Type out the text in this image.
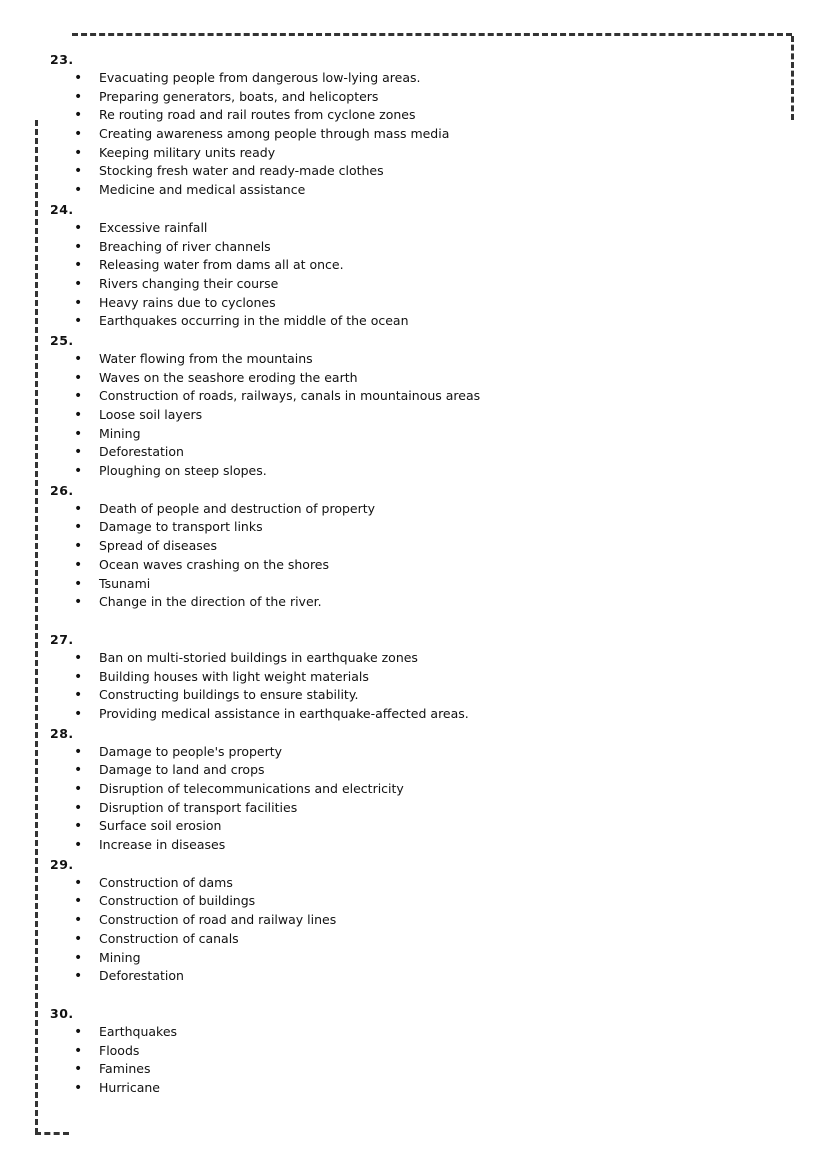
23.
• Evacuating people from dangerous low-lying areas.
• Preparing generators, boats, and helicopters
• Re routing road and rail routes from cyclone zones
• Creating awareness among people through mass media
• Keeping military units ready
• Stocking fresh water and ready-made clothes
• Medicine and medical assistance
24.
• Excessive rainfall
• Breaching of river channels
• Releasing water from dams all at once.
• Rivers changing their course
• Heavy rains due to cyclones
• Earthquakes occurring in the middle of the ocean
25.
• Water flowing from the mountains
• Waves on the seashore eroding the earth
• Construction of roads, railways, canals in mountainous areas
• Loose soil layers
• Mining
• Deforestation
• Ploughing on steep slopes.
26.
• Death of people and destruction of property
• Damage to transport links
• Spread of diseases
• Ocean waves crashing on the shores
• Tsunami
• Change in the direction of the river.
27.
• Ban on multi-storied buildings in earthquake zones
• Building houses with light weight materials
• Constructing buildings to ensure stability.
• Providing medical assistance in earthquake-affected areas.
28.
• Damage to people's property
• Damage to land and crops
• Disruption of telecommunications and electricity
• Disruption of transport facilities
• Surface soil erosion
• Increase in diseases
29.
• Construction of dams
• Construction of buildings
• Construction of road and railway lines
• Construction of canals
• Mining
• Deforestation
30.
• Earthquakes
• Floods
• Famines
• Hurricane
